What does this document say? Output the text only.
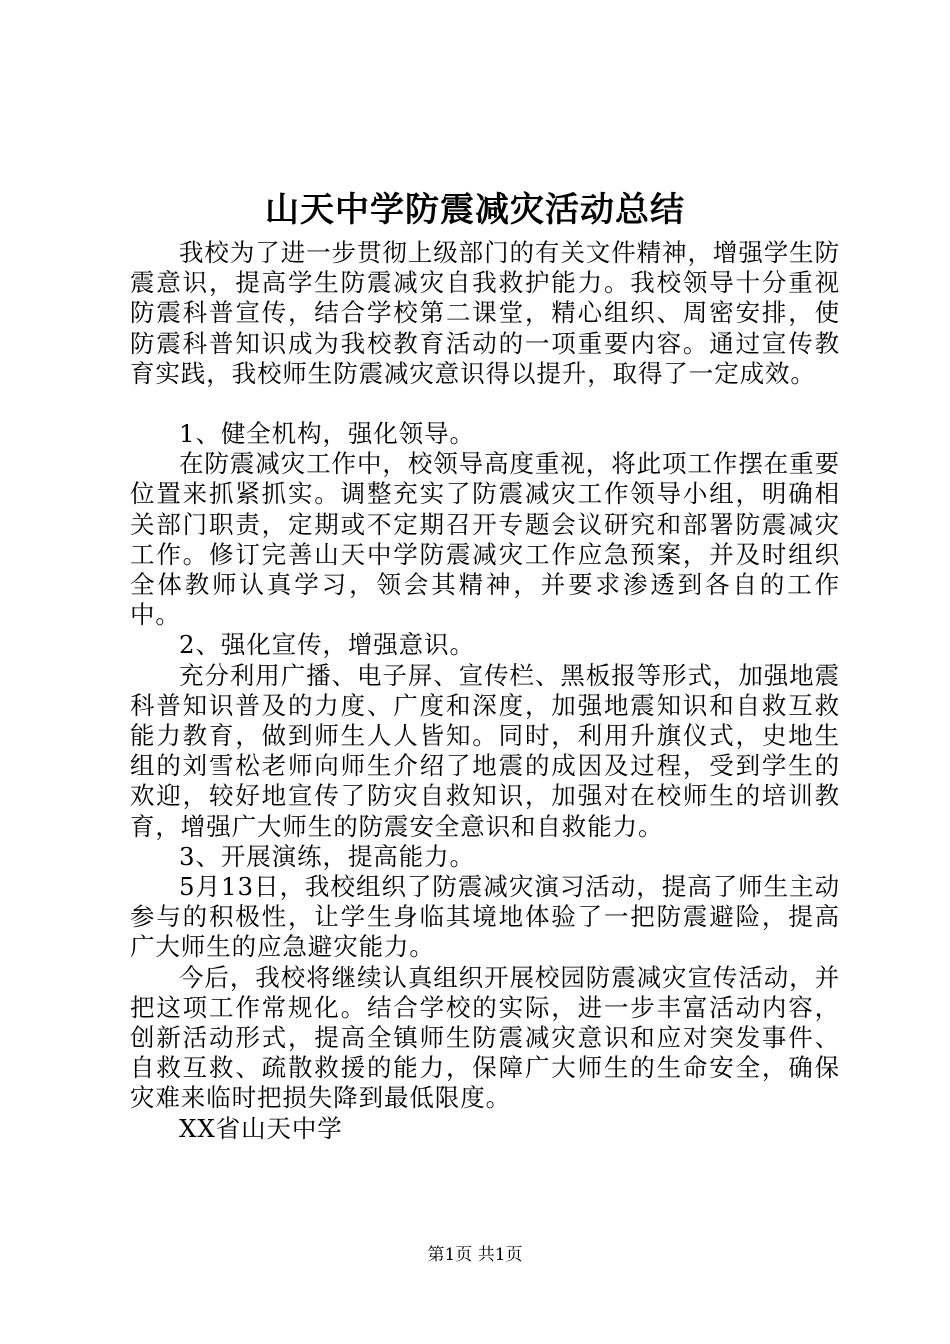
山天中学防震减灾活动总结

我校为了进一步贯彻上级部门的有关文件精神，增强学生防震意识，提高学生防震减灾自我救护能力。我校领导十分重视防震科普宣传，结合学校第二课堂，精心组织、周密安排，使防震科普知识成为我校教育活动的一项重要内容。通过宣传教育实践，我校师生防震减灾意识得以提升，取得了一定成效。

1、健全机构，强化领导。

在防震减灾工作中，校领导高度重视，将此项工作摆在重要位置来抓紧抓实。调整充实了防震减灾工作领导小组，明确相关部门职责，定期或不定期召开专题会议研究和部署防震减灾工作。修订完善山天中学防震减灾工作应急预案，并及时组织全体教师认真学习，领会其精神，并要求渗透到各自的工作中。

2、强化宣传，增强意识。

充分利用广播、电子屏、宣传栏、黑板报等形式，加强地震科普知识普及的力度、广度和深度，加强地震知识和自救互救能力教育，做到师生人人皆知。同时，利用升旗仪式，史地生组的刘雪松老师向师生介绍了地震的成因及过程，受到学生的欢迎，较好地宣传了防灾自救知识，加强对在校师生的培训教育，增强广大师生的防震安全意识和自救能力。

3、开展演练，提高能力。

5月13日，我校组织了防震减灾演习活动，提高了师生主动参与的积极性，让学生身临其境地体验了一把防震避险，提高广大师生的应急避灾能力。

今后，我校将继续认真组织开展校园防震减灾宣传活动，并把这项工作常规化。结合学校的实际，进一步丰富活动内容，创新活动形式，提高全镇师生防震减灾意识和应对突发事件、自救互救、疏散救援的能力，保障广大师生的生命安全，确保灾难来临时把损失降到最低限度。

XX省山天中学

第1页 共1页
